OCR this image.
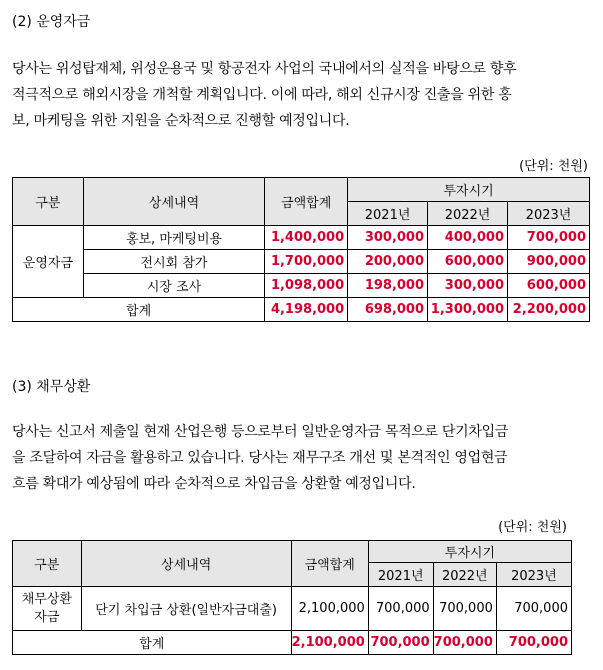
(2) 운영자금
당사는 위성탑재체, 위성운용국 및 항공전자 사업의 국내에서의 실적을 바탕으로 향후
적극적으로 해외시장을 개척할 계획입니다. 이에 따라, 해외 신규시장 진출을 위한 홍
보, 마케팅을 위한 지원을 순차적으로 진행할 예정입니다.
(단위: 천원)
구분	상세내역	금액합계	투자시기		
			2021년	2022년	2023년
운영자금	홍보, 마케팅비용	1,400,000	300,000	400,000	700,000
	전시회 참가	1,700,000	200,000	600,000	900,000
	시장 조사	1,098,000	198,000	300,000	600,000
합계		4,198,000	698,000	1,300,000	2,200,000
(3) 채무상환
당사는 신고서 제출일 현재 산업은행 등으로부터 일반운영자금 목적으로 단기차입금
을 조달하여 자금을 활용하고 있습니다. 당사는 재무구조 개선 및 본격적인 영업현금
흐름 확대가 예상됨에 따라 순차적으로 차입금을 상환할 예정입니다.
(단위: 천원)
구분	상세내역	금액합계	투자시기		
			2021년	2022년	2023년

채무상환
자금	단기 차입금 상환(일반자금대출)	2,100,000	700,000	700,000	700,000
합계		2,100,000	700,000	700,000	700,000
